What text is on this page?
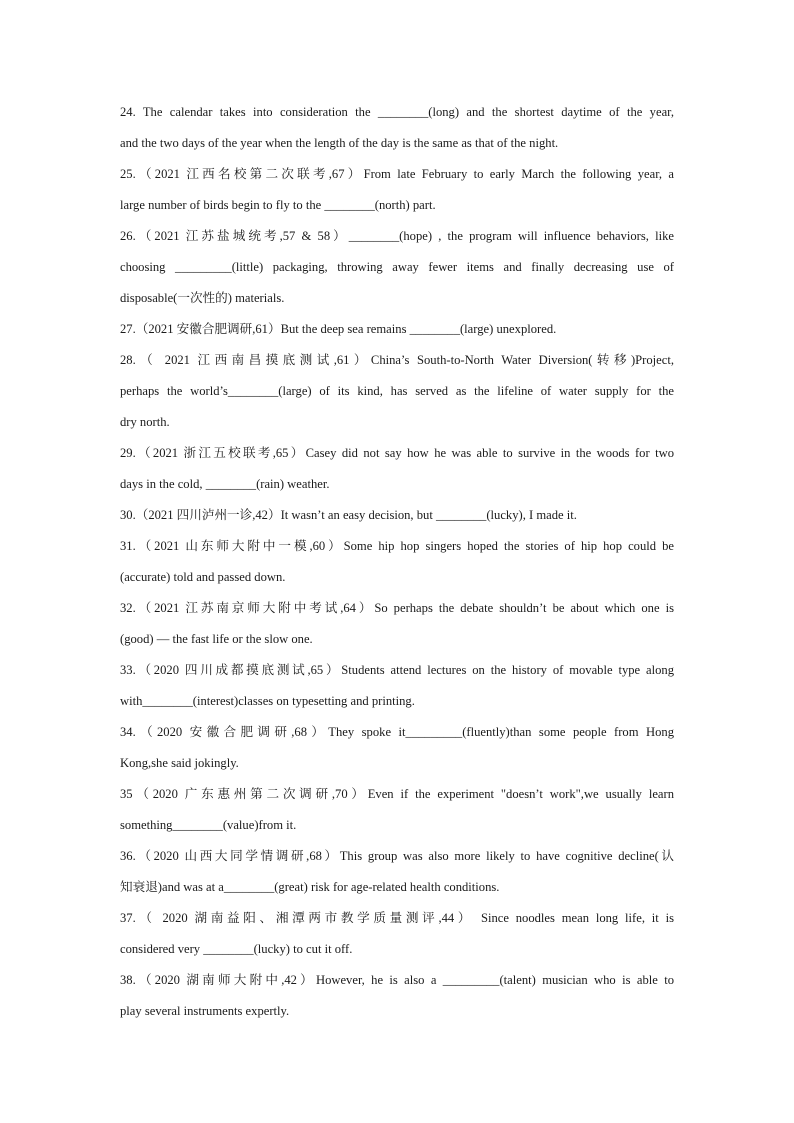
24. The calendar takes into consideration the ________(long) and the shortest daytime of the year,
and the two days of the year when the length of the day is the same as that of the night.
25.（2021 江西名校第二次联考,67）From late February to early March the following year, a
large number of birds begin to fly to the ________(north) part.
26.（2021 江苏盐城统考,57 & 58）________(hope) , the program will influence behaviors, like
choosing _________(little) packaging, throwing away fewer items and finally decreasing use of
disposable(一次性的) materials.
27.（2021 安徽合肥调研,61）But the deep sea remains ________(large) unexplored.
28.（ 2021 江西南昌摸底测试,61）China’s South-to-North Water Diversion(转移)Project,
perhaps the world’s________(large) of its kind, has served as the lifeline of water supply for the
dry north.
29.（2021 浙江五校联考,65）Casey did not say how he was able to survive in the woods for two
days in the cold, ________(rain) weather.
30.（2021 四川泸州一诊,42）It wasn’t an easy decision, but ________(lucky), I made it.
31.（2021 山东师大附中一模,60）Some hip hop singers hoped the stories of hip hop could be
(accurate) told and passed down.
32.（2021 江苏南京师大附中考试,64）So perhaps the debate shouldn’t be about which one is
(good) — the fast life or the slow one.
33.（2020 四川成都摸底测试,65）Students attend lectures on the history of movable type along
with________(interest)classes on typesetting and printing.
34.（2020 安徽合肥调研,68）They spoke it_________(fluently)than some people from Hong
Kong,she said jokingly.
35（2020 广东惠州第二次调研,70）Even if the experiment "doesn’t work",we usually learn
something________(value)from it.
36.（2020 山西大同学情调研,68）This group was also more likely to have cognitive decline(认
知衰退)and was at a________(great) risk for age-related health conditions.
37.（ 2020 湖南益阳、湘潭两市教学质量测评,44） Since noodles mean long life, it is
considered very ________(lucky) to cut it off.
38.（2020 湖南师大附中,42）However, he is also a _________(talent) musician who is able to
play several instruments expertly.
